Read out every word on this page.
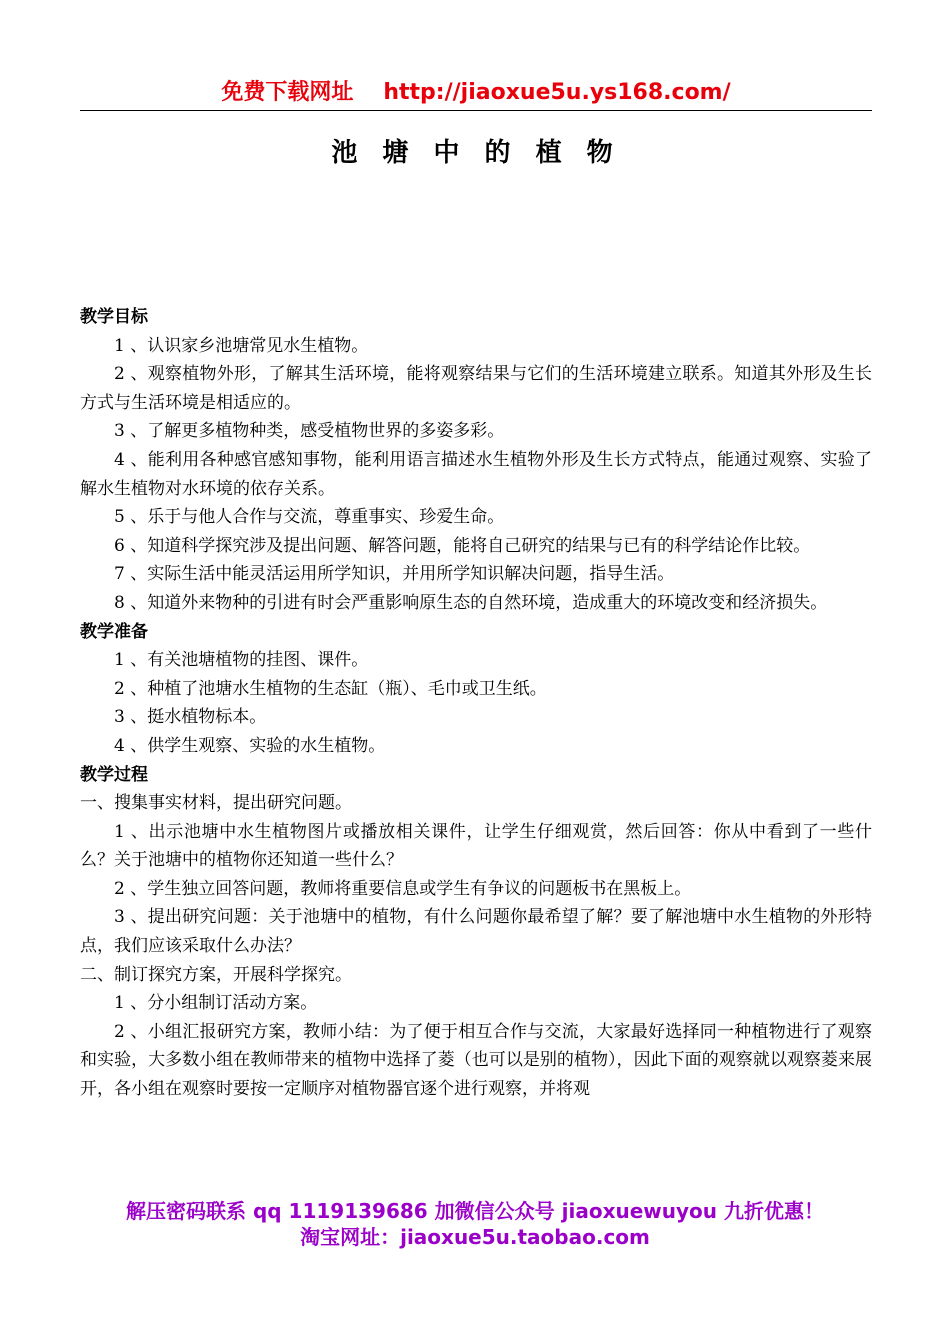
免费下载网址 http://jiaoxue5u.ys168.com/
池 塘 中 的 植 物

教学目标

1 、认识家乡池塘常见水生植物。

2 、观察植物外形，了解其生活环境，能将观察结果与它们的生活环境建立联系。知道其外形及生长方式与生活环境是相适应的。

3 、了解更多植物种类，感受植物世界的多姿多彩。

4 、能利用各种感官感知事物，能利用语言描述水生植物外形及生长方式特点，能通过观察、实验了解水生植物对水环境的依存关系。

5 、乐于与他人合作与交流，尊重事实、珍爱生命。

6 、知道科学探究涉及提出问题、解答问题，能将自己研究的结果与已有的科学结论作比较。

7 、实际生活中能灵活运用所学知识，并用所学知识解决问题，指导生活。

8 、知道外来物种的引进有时会严重影响原生态的自然环境，造成重大的环境改变和经济损失。

教学准备

1 、有关池塘植物的挂图、课件。

2 、种植了池塘水生植物的生态缸（瓶）、毛巾或卫生纸。

3 、挺水植物标本。

4 、供学生观察、实验的水生植物。

教学过程

一、搜集事实材料，提出研究问题。

1 、出示池塘中水生植物图片或播放相关课件，让学生仔细观赏，然后回答：你从中看到了一些什么？关于池塘中的植物你还知道一些什么？

2 、学生独立回答问题，教师将重要信息或学生有争议的问题板书在黑板上。

3 、提出研究问题：关于池塘中的植物，有什么问题你最希望了解？要了解池塘中水生植物的外形特点，我们应该采取什么办法？

二、制订探究方案，开展科学探究。

1 、分小组制订活动方案。

2 、小组汇报研究方案，教师小结：为了便于相互合作与交流，大家最好选择同一种植物进行了观察和实验，大多数小组在教师带来的植物中选择了菱（也可以是别的植物），因此下面的观察就以观察菱来展开，各小组在观察时要按一定顺序对植物器官逐个进行观察，并将观

解压密码联系 qq 1119139686 加微信公众号 jiaoxuewuyou 九折优惠！
淘宝网址：jiaoxue5u.taobao.com
